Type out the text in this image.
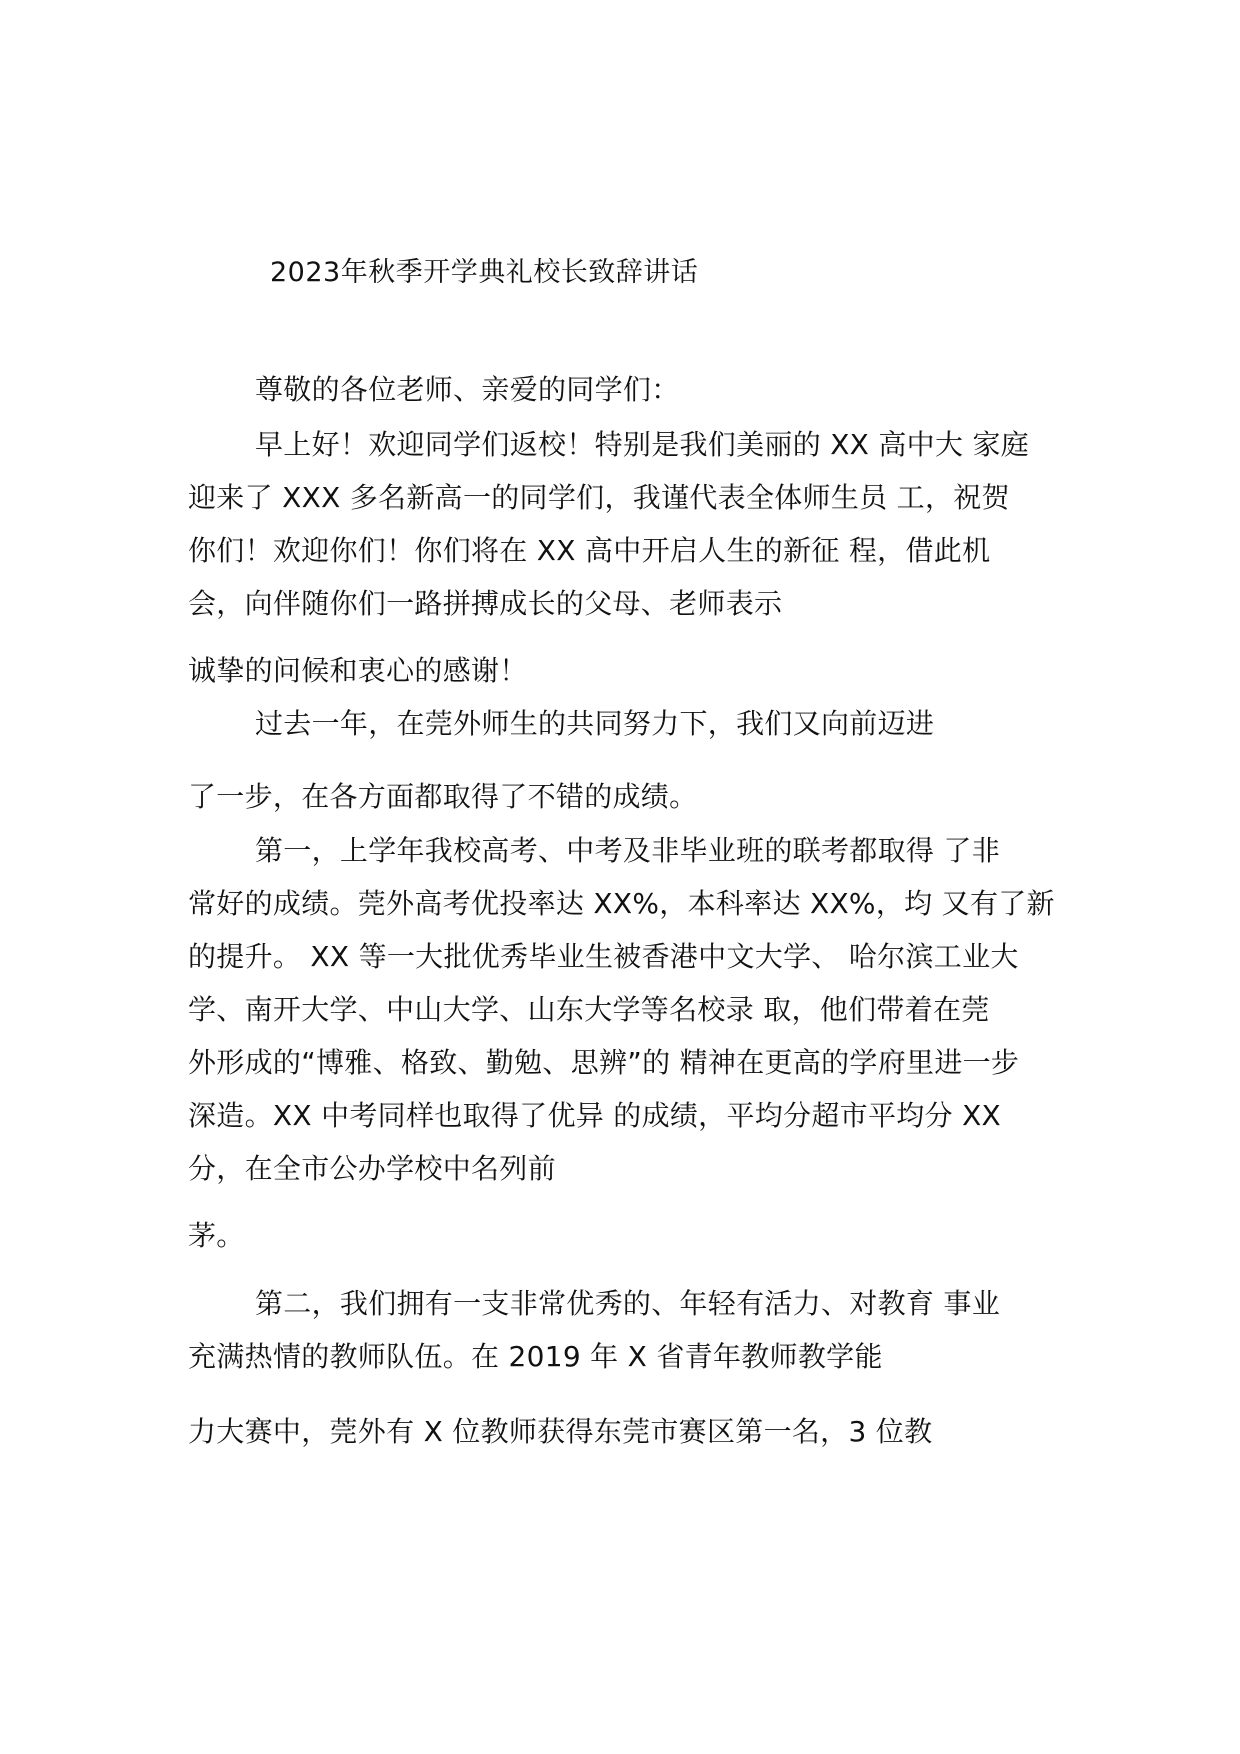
2023年秋季开学典礼校长致辞讲话
尊敬的各位老师、亲爱的同学们：
早上好！欢迎同学们返校！特别是我们美丽的 XX 高中大 家庭
迎来了 XXX 多名新高一的同学们，我谨代表全体师生员 工，祝贺
你们！欢迎你们！你们将在 XX 高中开启人生的新征 程，借此机
会，向伴随你们一路拼搏成长的父母、老师表示
诚挚的问候和衷心的感谢！
过去一年，在莞外师生的共同努力下，我们又向前迈进
了一步，在各方面都取得了不错的成绩。
第一，上学年我校高考、中考及非毕业班的联考都取得 了非
常好的成绩。莞外高考优投率达 XX%，本科率达 XX%，均 又有了新
的提升。 XX 等一大批优秀毕业生被香港中文大学、 哈尔滨工业大
学、南开大学、中山大学、山东大学等名校录 取，他们带着在莞
外形成的“博雅、格致、勤勉、思辨”的 精神在更高的学府里进一步
深造。XX 中考同样也取得了优异 的成绩，平均分超市平均分 XX
分，在全市公办学校中名列前
茅。
第二，我们拥有一支非常优秀的、年轻有活力、对教育 事业
充满热情的教师队伍。在 2019 年 X 省青年教师教学能
力大赛中，莞外有 X 位教师获得东莞市赛区第一名，3 位教
